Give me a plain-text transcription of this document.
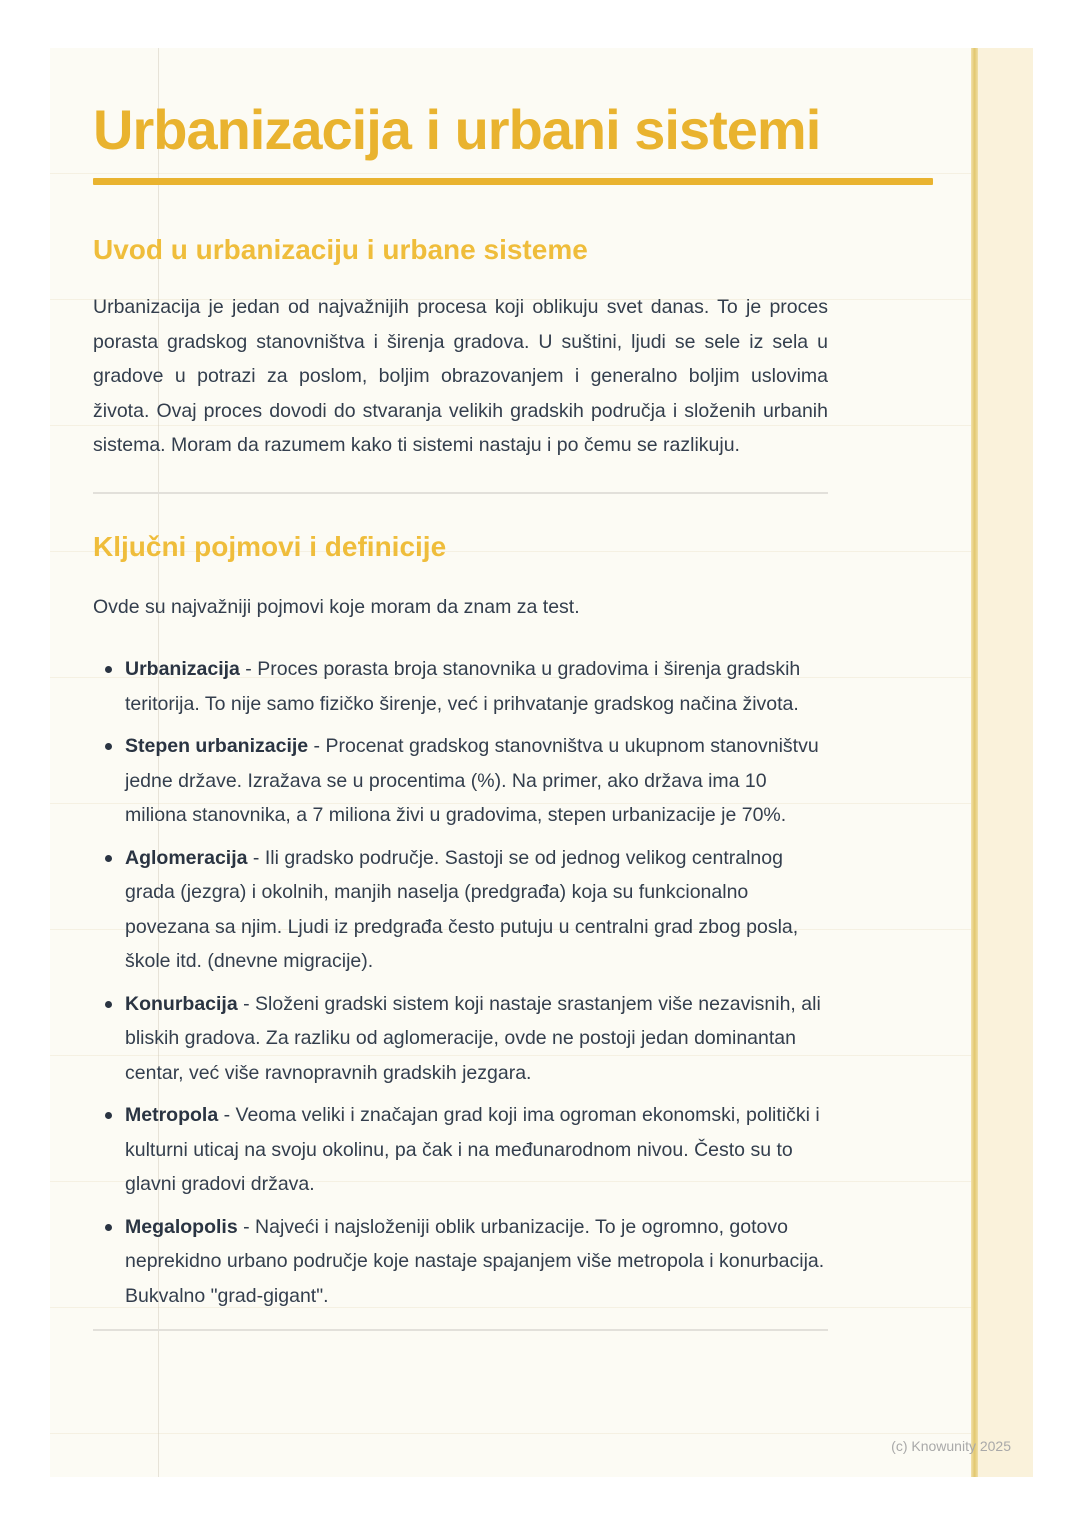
Urbanizacija i urbani sistemi
Uvod u urbanizaciju i urbane sisteme

Urbanizacija je jedan od najvažnijih procesa koji oblikuju svet danas. To je proces porasta gradskog stanovništva i širenja gradova. U suštini, ljudi se sele iz sela u gradove u potrazi za poslom, boljim obrazovanjem i generalno boljim uslovima života. Ovaj proces dovodi do stvaranja velikih gradskih područja i složenih urbanih sistema. Moram da razumem kako ti sistemi nastaju i po čemu se razlikuju.

Ključni pojmovi i definicije

Ovde su najvažniji pojmovi koje moram da znam za test.

Urbanizacija - Proces porasta broja stanovnika u gradovima i širenja gradskih teritorija. To nije samo fizičko širenje, već i prihvatanje gradskog načina života.
Stepen urbanizacije - Procenat gradskog stanovništva u ukupnom stanovništvu jedne države. Izražava se u procentima (%). Na primer, ako država ima 10 miliona stanovnika, a 7 miliona živi u gradovima, stepen urbanizacije je 70%.
Aglomeracija - Ili gradsko područje. Sastoji se od jednog velikog centralnog grada (jezgra) i okolnih, manjih naselja (predgrađa) koja su funkcionalno povezana sa njim. Ljudi iz predgrađa često putuju u centralni grad zbog posla, škole itd. (dnevne migracije).
Konurbacija - Složeni gradski sistem koji nastaje srastanjem više nezavisnih, ali bliskih gradova. Za razliku od aglomeracije, ovde ne postoji jedan dominantan centar, već više ravnopravnih gradskih jezgara.
Metropola - Veoma veliki i značajan grad koji ima ogroman ekonomski, politički i kulturni uticaj na svoju okolinu, pa čak i na međunarodnom nivou. Često su to glavni gradovi država.
Megalopolis - Najveći i najsloženiji oblik urbanizacije. To je ogromno, gotovo neprekidno urbano područje koje nastaje spajanjem više metropola i konurbacija. Bukvalno "grad-gigant".
(c) Knowunity 2025
